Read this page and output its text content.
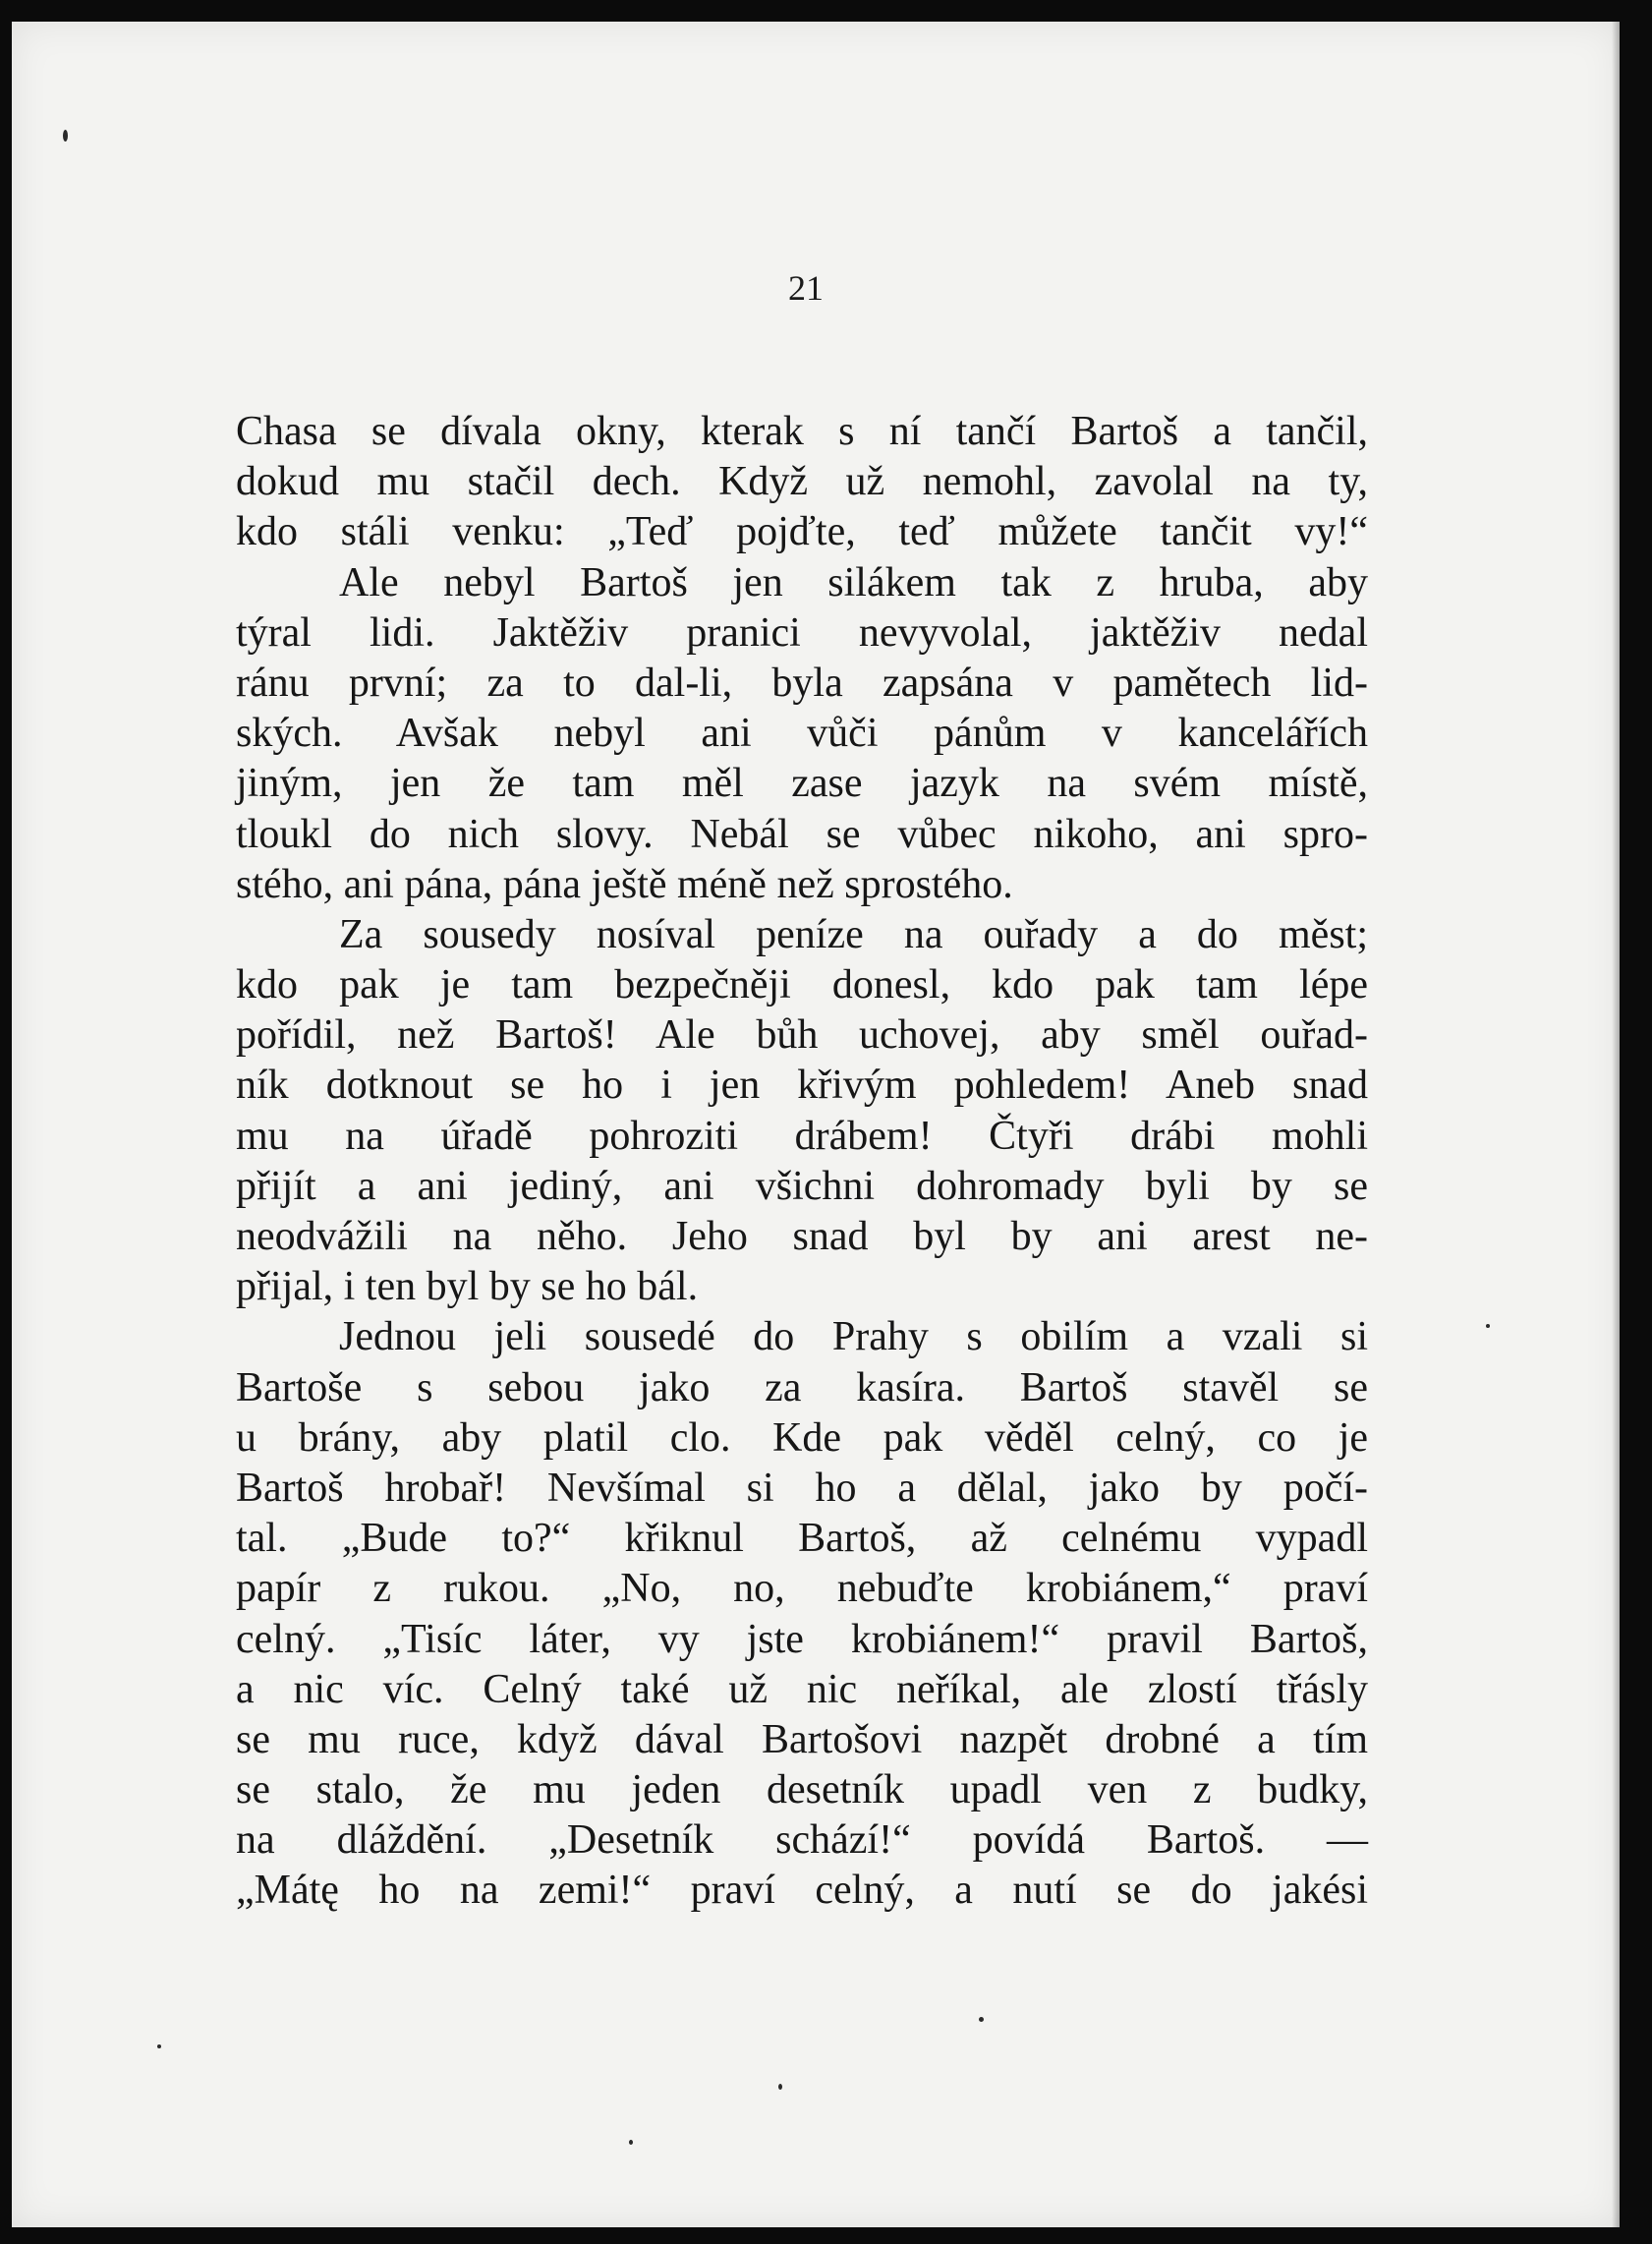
21
Chasa se dívala okny, kterak s ní tančí Bartoš a tančil,
dokud mu stačil dech. Když už nemohl, zavolal na ty,
kdo stáli venku: „Teď pojďte, teď můžete tančit vy!“
Ale nebyl Bartoš jen silákem tak z hruba, aby
týral lidi. Jaktěživ pranici nevyvolal, jaktěživ nedal
ránu první; za to dal-li, byla zapsána v pamětech lid-
ských. Avšak nebyl ani vůči pánům v kancelářích
jiným, jen že tam měl zase jazyk na svém místě,
tloukl do nich slovy. Nebál se vůbec nikoho, ani spro-
stého, ani pána, pána ještě méně než sprostého.
Za sousedy nosíval peníze na ouřady a do měst;
kdo pak je tam bezpečněji donesl, kdo pak tam lépe
pořídil, než Bartoš! Ale bůh uchovej, aby směl ouřad-
ník dotknout se ho i jen křivým pohledem! Aneb snad
mu na úřadě pohroziti drábem! Čtyři drábi mohli
přijít a ani jediný, ani všichni dohromady byli by se
neodvážili na něho. Jeho snad byl by ani arest ne-
přijal, i ten byl by se ho bál.
Jednou jeli sousedé do Prahy s obilím a vzali si
Bartoše s sebou jako za kasíra. Bartoš stavěl se
u brány, aby platil clo. Kde pak věděl celný, co je
Bartoš hrobař! Nevšímal si ho a dělal, jako by počí-
tal. „Bude to?“ křiknul Bartoš, až celnému vypadl
papír z rukou. „No, no, nebuďte krobiánem,“ praví
celný. „Tisíc láter, vy jste krobiánem!“ pravil Bartoš,
a nic víc. Celný také už nic neříkal, ale zlostí třásly
se mu ruce, když dával Bartošovi nazpět drobné a tím
se stalo, že mu jeden desetník upadl ven z budky,
na dláždění. „Desetník schází!“ povídá Bartoš. —
„Mátę ho na zemi!“ praví celný, a nutí se do jakési
